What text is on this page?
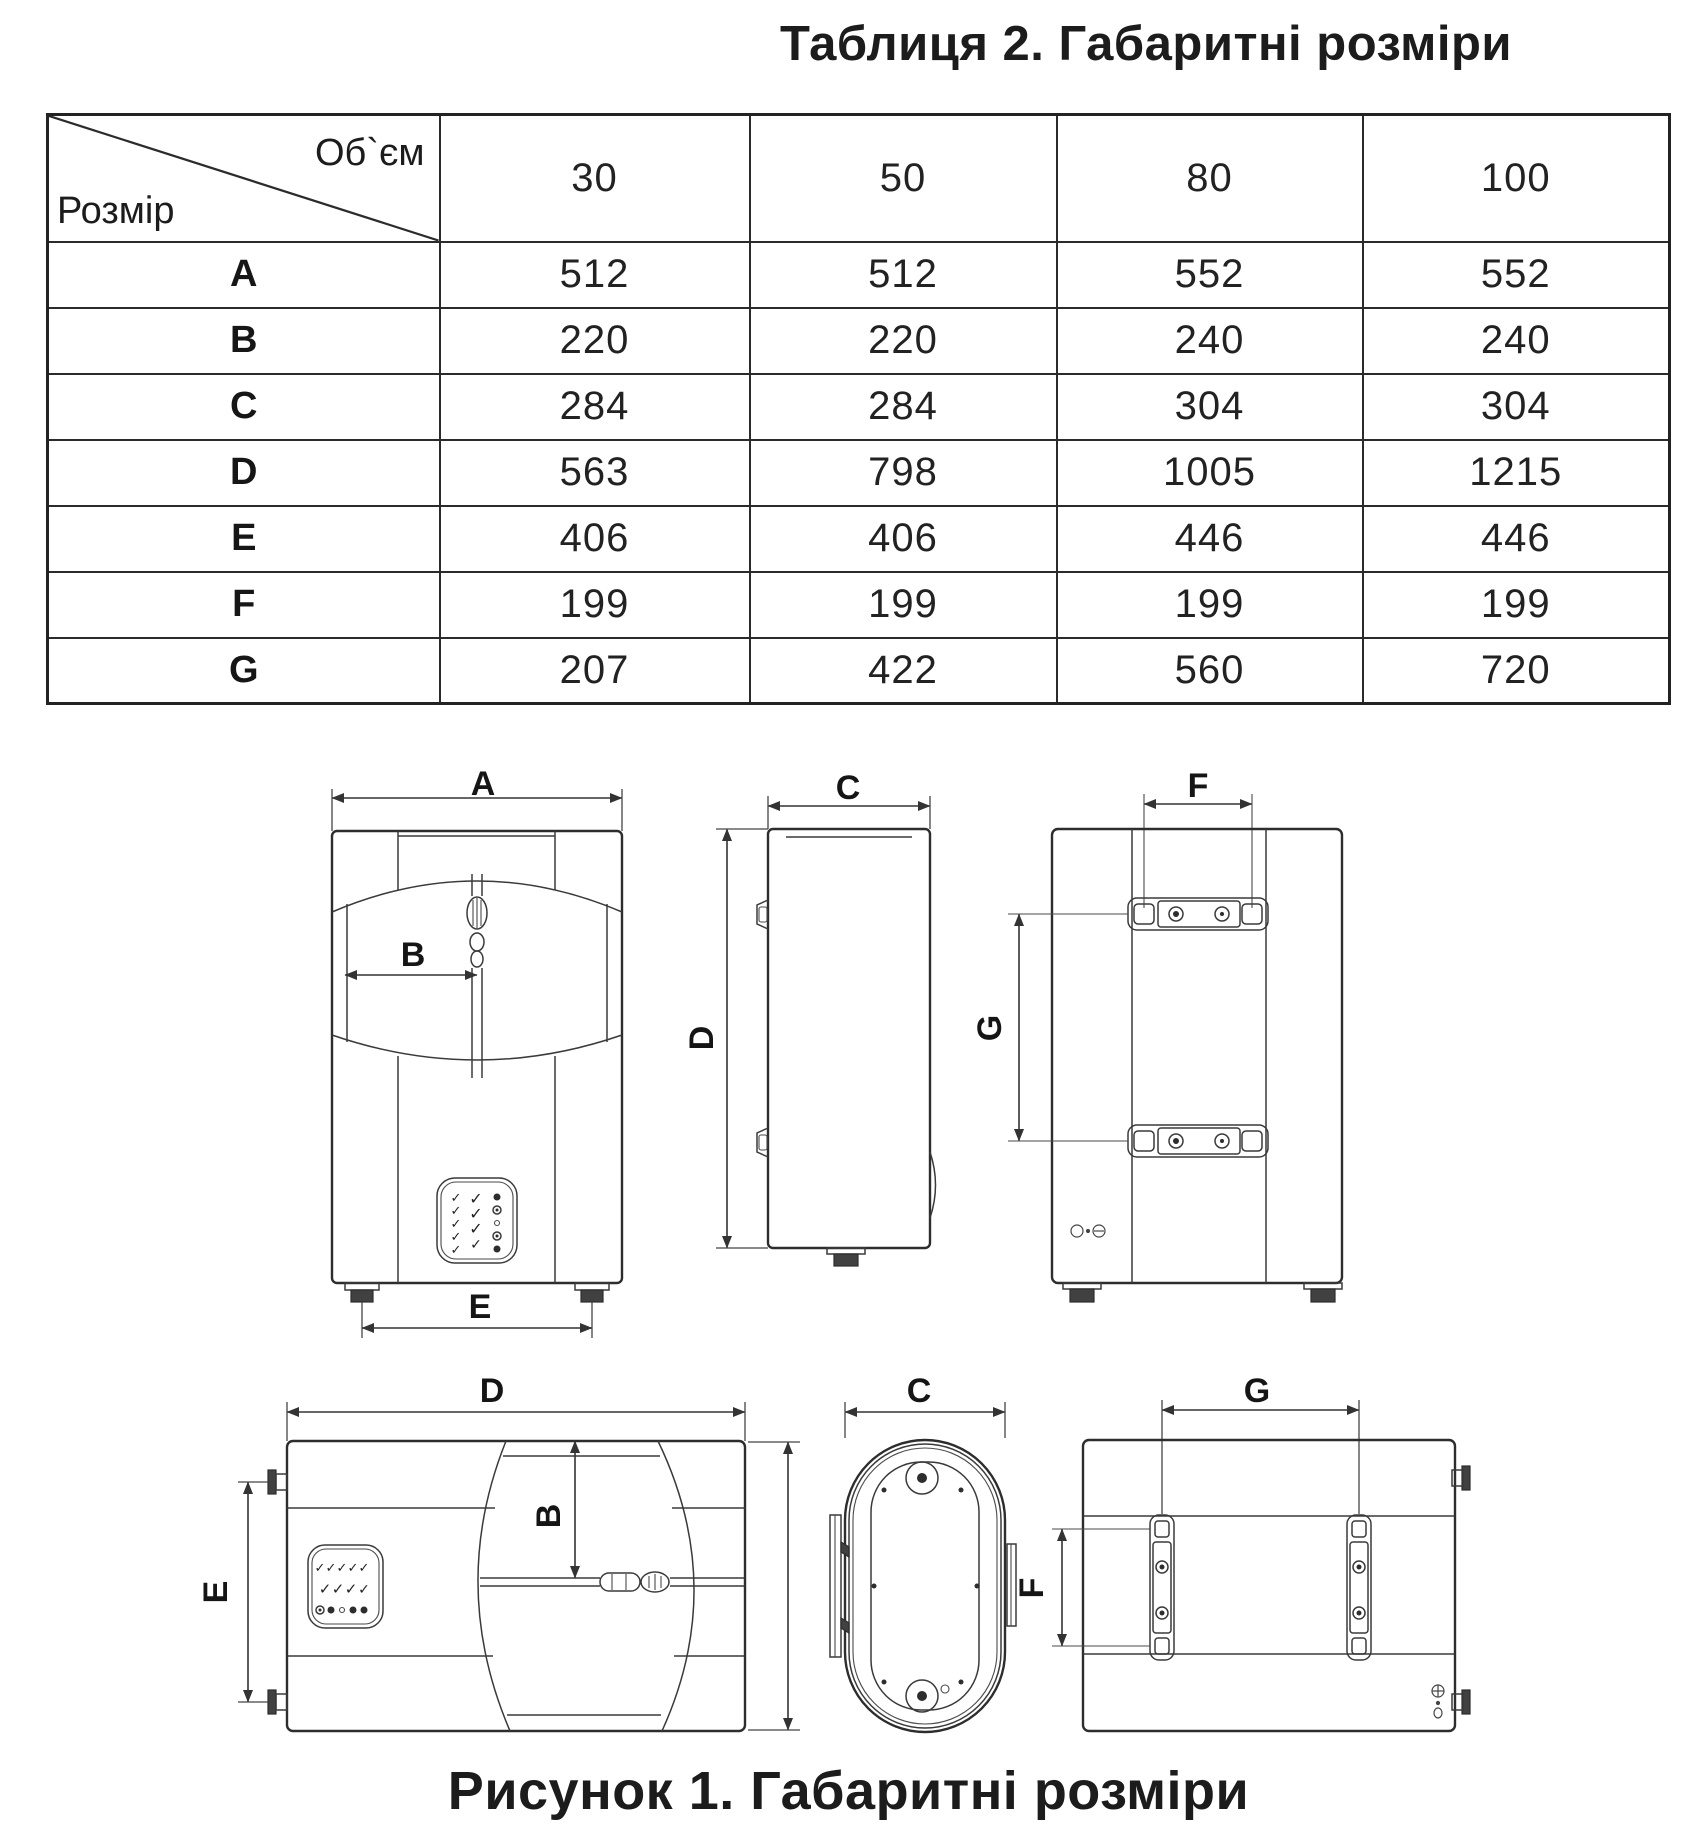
Таблиця 2. Габаритні розміри
Об`єм
Розмір	30	50	80	100
A	512	512	552	552
B	220	220	240	240
C	284	284	304	304
D	563	798	1005	1215
E	406	406	446	446
F	199	199	199	199
G	207	422	560	720
A
B
✓
✓
✓
✓
✓
✓
✓
✓
✓
E
C
D
F
G
D
B
✓ ✓ ✓ ✓ ✓
✓ ✓ ✓ ✓
E
C	G
F
Рисунок 1. Габаритні розміри
